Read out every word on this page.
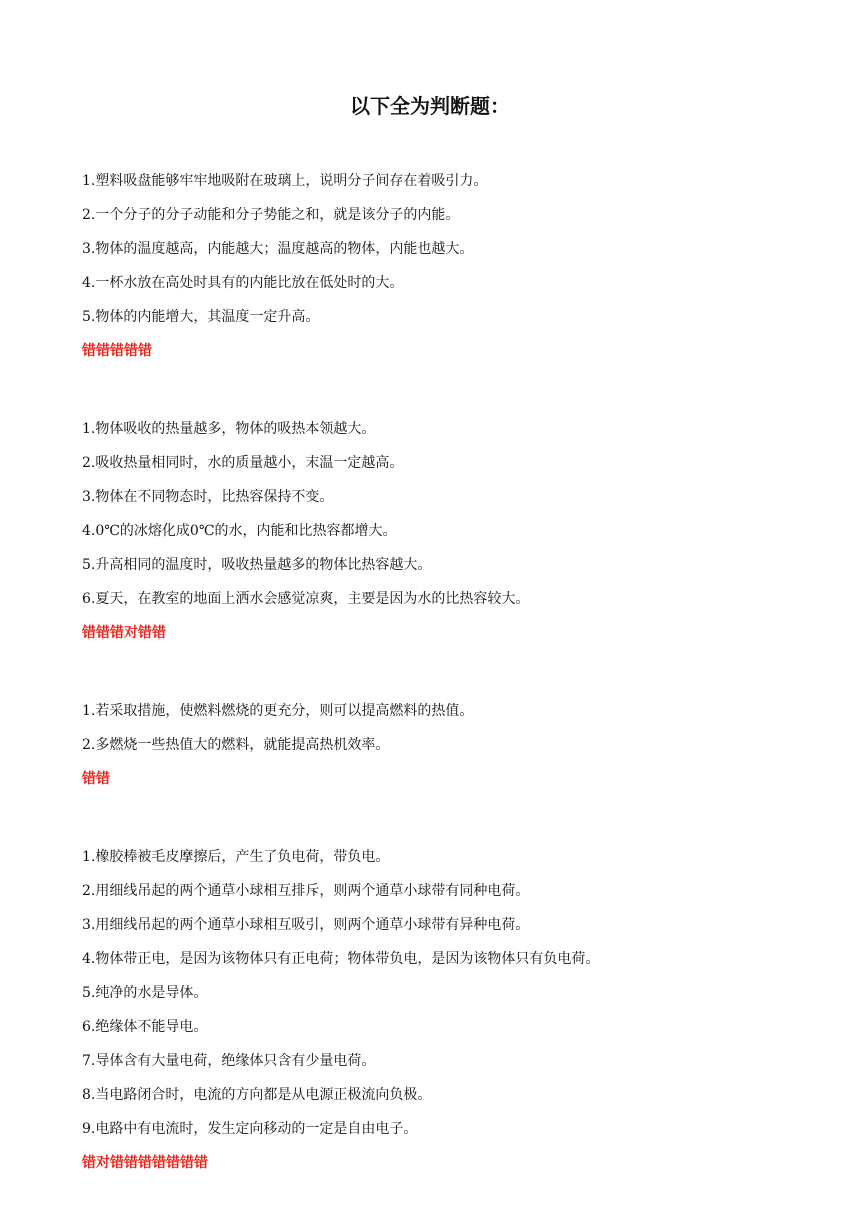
以下全为判断题：
1.塑料吸盘能够牢牢地吸附在玻璃上，说明分子间存在着吸引力。
2.一个分子的分子动能和分子势能之和，就是该分子的内能。
3.物体的温度越高，内能越大；温度越高的物体，内能也越大。
4.一杯水放在高处时具有的内能比放在低处时的大。
5.物体的内能增大，其温度一定升高。
错错错错错
1.物体吸收的热量越多，物体的吸热本领越大。
2.吸收热量相同时，水的质量越小，末温一定越高。
3.物体在不同物态时，比热容保持不变。
4.0℃的冰熔化成0℃的水，内能和比热容都增大。
5.升高相同的温度时，吸收热量越多的物体比热容越大。
6.夏天，在教室的地面上洒水会感觉凉爽，主要是因为水的比热容较大。
错错错对错错
1.若采取措施，使燃料燃烧的更充分，则可以提高燃料的热值。
2.多燃烧一些热值大的燃料，就能提高热机效率。
错错
1.橡胶棒被毛皮摩擦后，产生了负电荷，带负电。
2.用细线吊起的两个通草小球相互排斥，则两个通草小球带有同种电荷。
3.用细线吊起的两个通草小球相互吸引，则两个通草小球带有异种电荷。
4.物体带正电，是因为该物体只有正电荷；物体带负电，是因为该物体只有负电荷。
5.纯净的水是导体。
6.绝缘体不能导电。
7.导体含有大量电荷，绝缘体只含有少量电荷。
8.当电路闭合时，电流的方向都是从电源正极流向负极。
9.电路中有电流时，发生定向移动的一定是自由电子。
错对错错错错错错错
